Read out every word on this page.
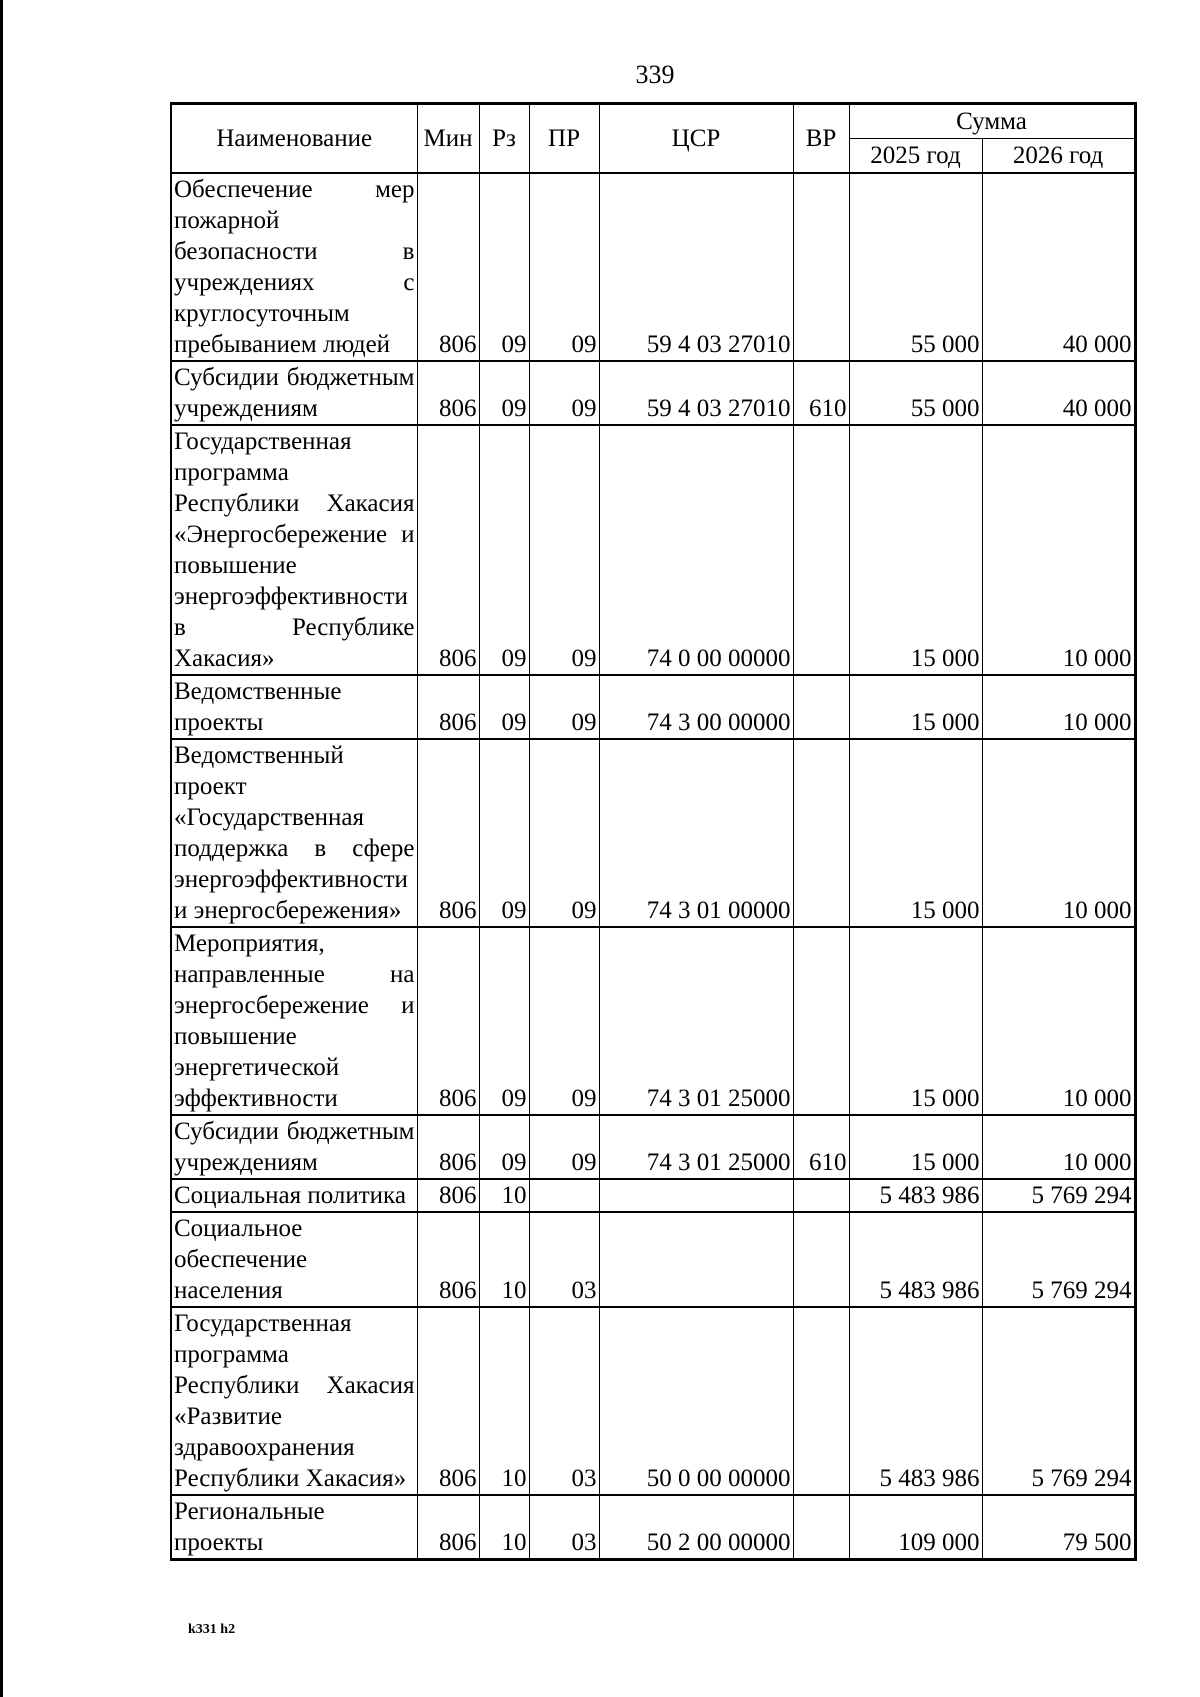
339
Наименование	Мин	Рз	ПР	ЦСР	ВР	Сумма	
						2025 год	2026 год
Обеспечение мер пожарной безопасности в учреждениях с круглосуточным пребыванием людей	806	09	09	59 4 03 27010		55 000	40 000
Субсидии бюджетным учреждениям	806	09	09	59 4 03 27010	610	55 000	40 000
Государственная программа Республики Хакасия «Энергосбережение и повышение энергоэффективности в Республике Хакасия»	806	09	09	74 0 00 00000		15 000	10 000
Ведомственные проекты	806	09	09	74 3 00 00000		15 000	10 000
Ведомственный проект «Государственная поддержка в сфере энергоэффективности и энергосбережения»	806	09	09	74 3 01 00000		15 000	10 000
Мероприятия, направленные на энергосбережение и повышение энергетической эффективности	806	09	09	74 3 01 25000		15 000	10 000
Субсидии бюджетным учреждениям	806	09	09	74 3 01 25000	610	15 000	10 000
Социальная политика	806	10				5 483 986	5 769 294
Социальное обеспечение населения	806	10	03			5 483 986	5 769 294
Государственная программа Республики Хакасия «Развитие здравоохранения Республики Хакасия»	806	10	03	50 0 00 00000		5 483 986	5 769 294
Региональные проекты	806	10	03	50 2 00 00000		109 000	79 500
k331 h2
